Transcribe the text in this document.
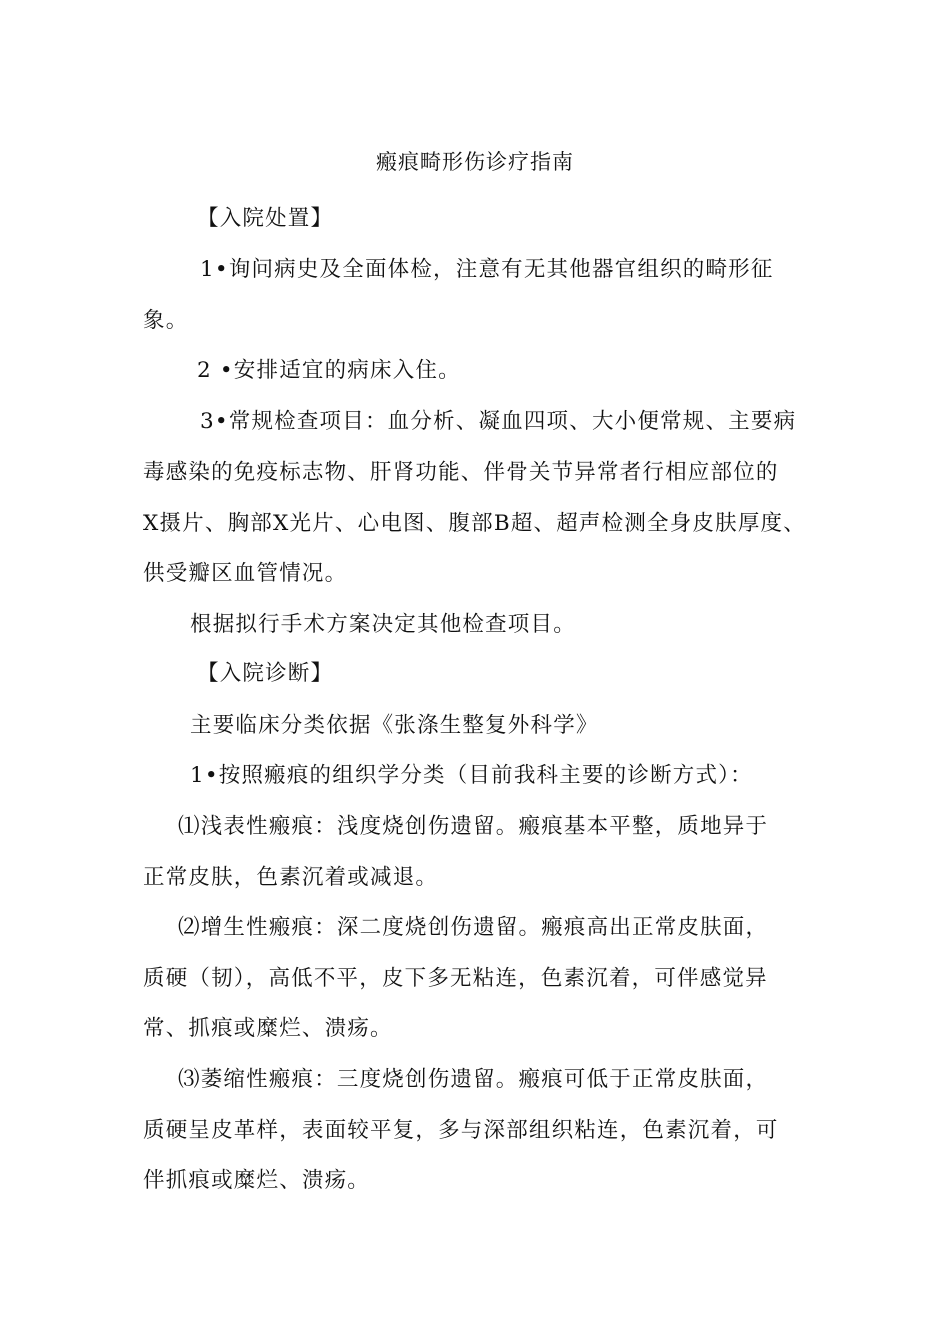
瘢痕畸形伤诊疗指南
【入院处置】
1•询问病史及全面体检，注意有无其他器官组织的畸形征
象。
2 •安排适宜的病床入住。
3•常规检查项目：血分析、凝血四项、大小便常规、主要病
毒感染的免疫标志物、肝肾功能、伴骨关节异常者行相应部位的
X摄片、胸部X光片、心电图、腹部B超、超声检测全身皮肤厚度、
供受瓣区血管情况。
根据拟行手术方案决定其他检查项目。
【入院诊断】
主要临床分类依据《张涤生整复外科学》
1•按照瘢痕的组织学分类（目前我科主要的诊断方式）：
⑴浅表性瘢痕：浅度烧创伤遗留。瘢痕基本平整，质地异于
正常皮肤，色素沉着或减退。
⑵增生性瘢痕：深二度烧创伤遗留。瘢痕高出正常皮肤面，
质硬（韧），高低不平，皮下多无粘连，色素沉着，可伴感觉异
常、抓痕或糜烂、溃疡。
⑶萎缩性瘢痕：三度烧创伤遗留。瘢痕可低于正常皮肤面，
质硬呈皮革样，表面较平复，多与深部组织粘连，色素沉着，可
伴抓痕或糜烂、溃疡。
